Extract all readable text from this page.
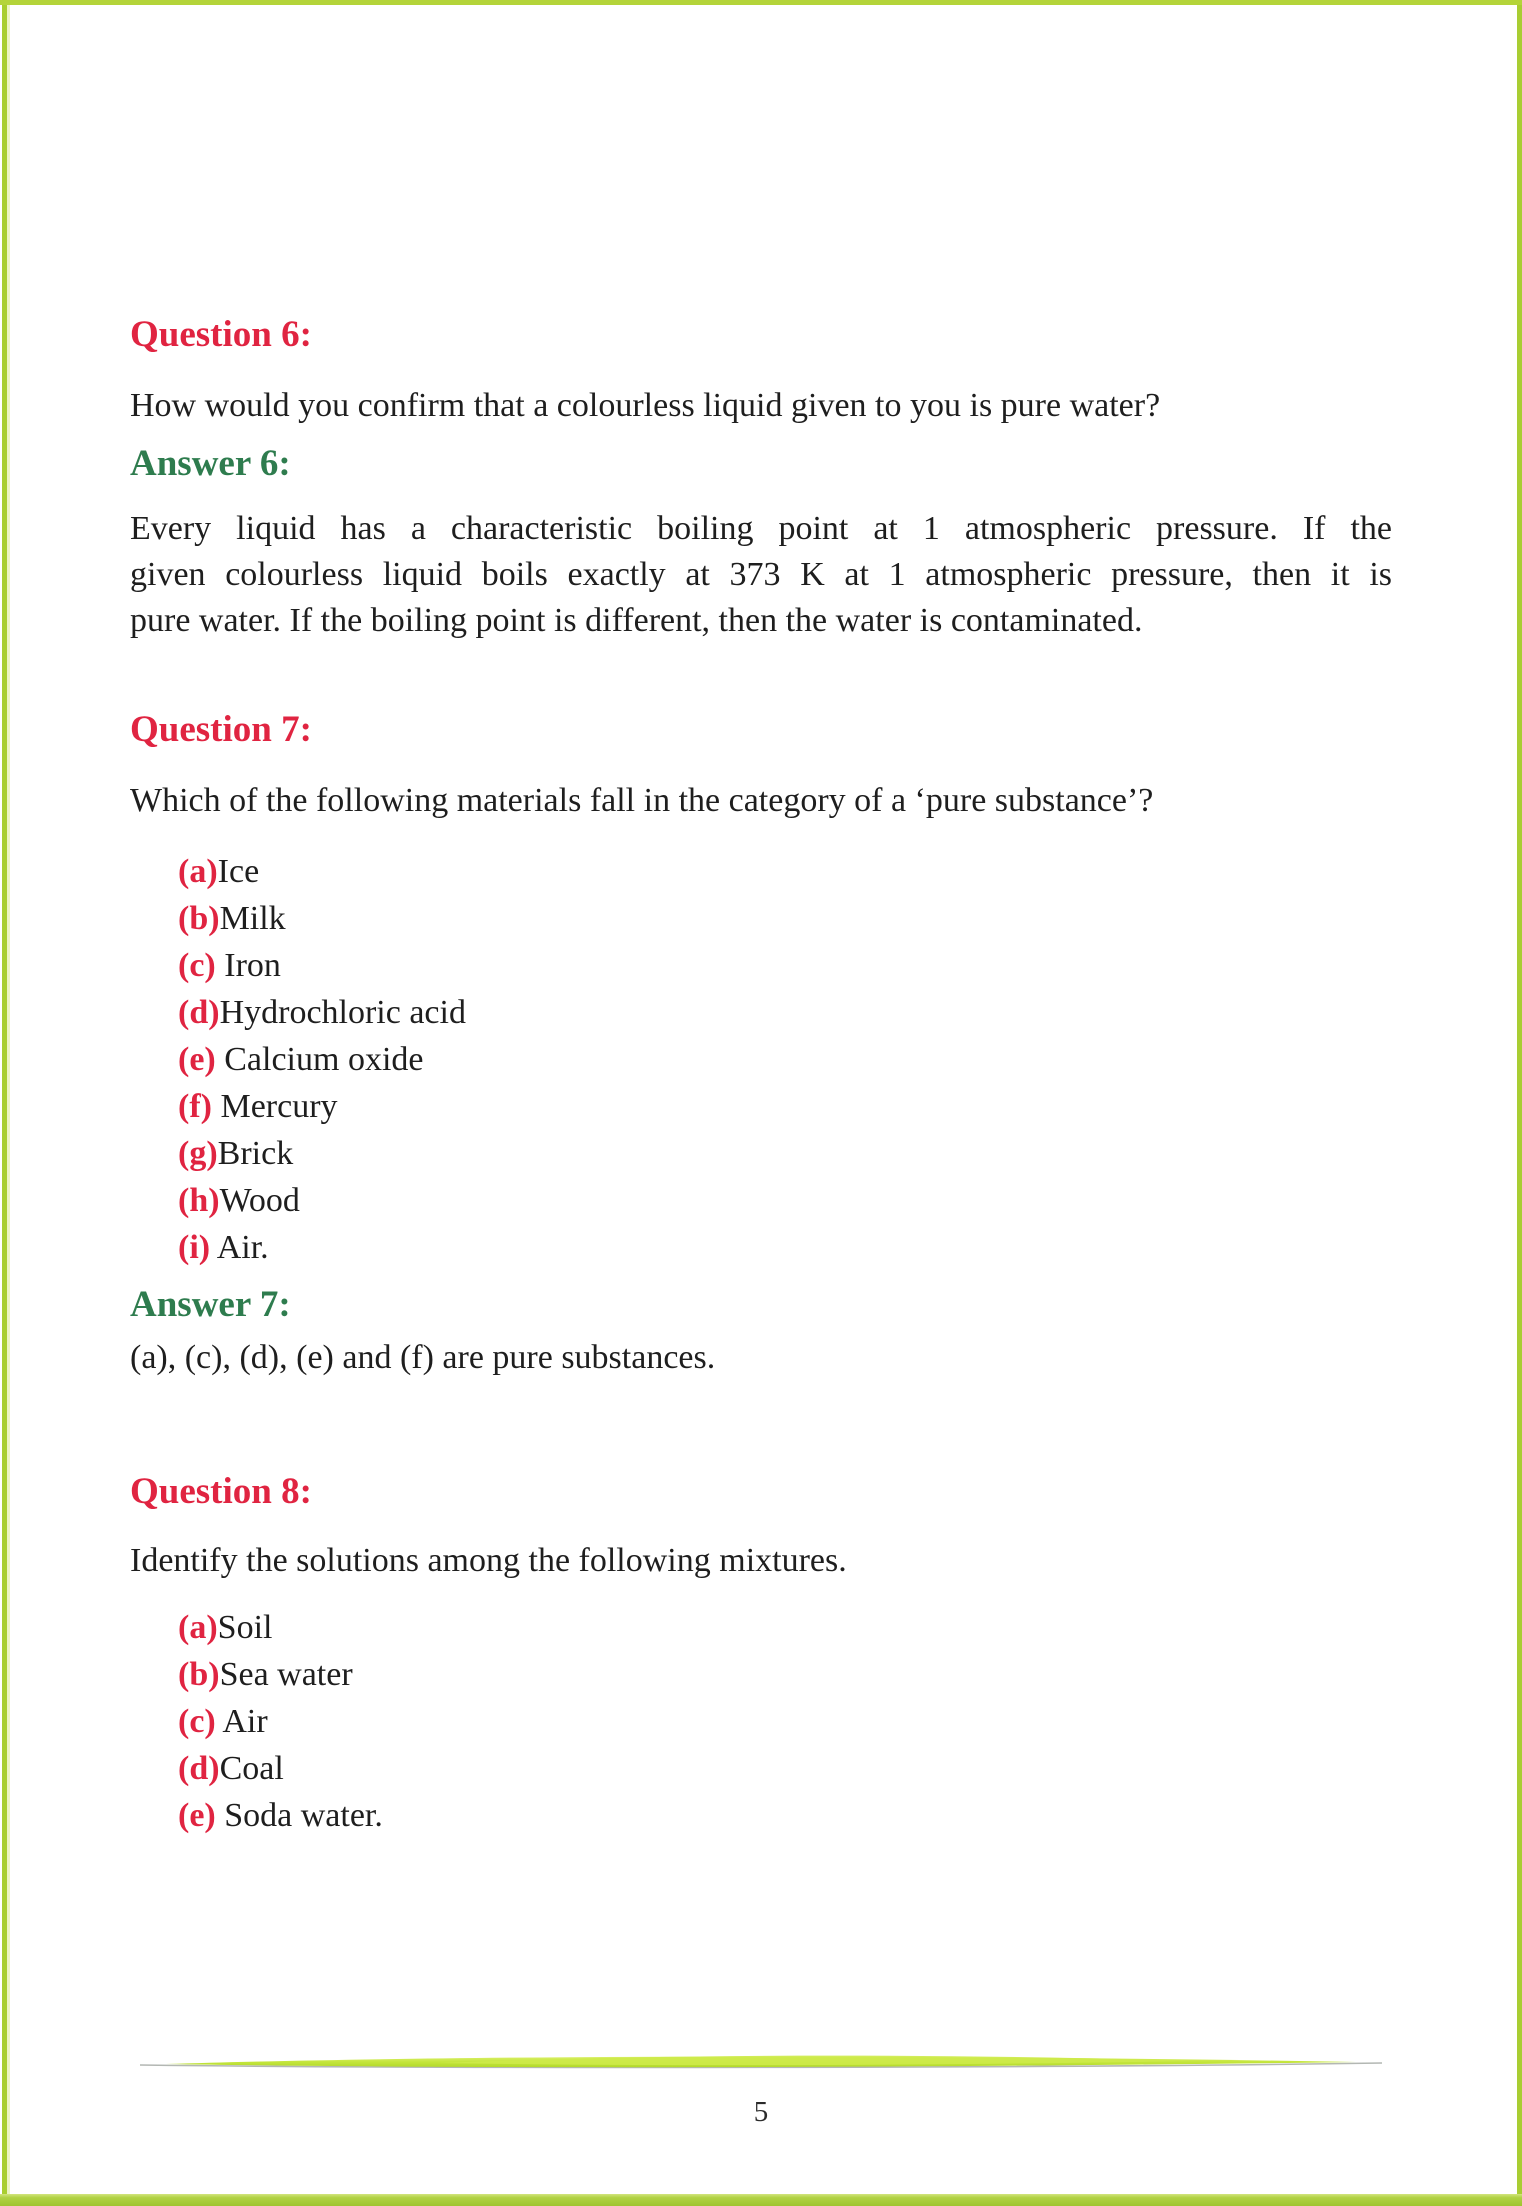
Question 6:

How would you confirm that a colourless liquid given to you is pure water?

Answer 6:
Every liquid has a characteristic boiling point at 1 atmospheric pressure. If the
given colourless liquid boils exactly at 373 K at 1 atmospheric pressure, then it is
pure water. If the boiling point is different, then the water is contaminated.
Question 7:

Which of the following materials fall in the category of a ‘pure substance’?

(a)Ice
(b)Milk
(c) Iron
(d)Hydrochloric acid
(e) Calcium oxide
(f) Mercury
(g)Brick
(h)Wood
(i) Air.
Answer 7:

(a), (c), (d), (e) and (f) are pure substances.

Question 8:

Identify the solutions among the following mixtures.

(a)Soil
(b)Sea water
(c) Air
(d)Coal
(e) Soda water.
5
